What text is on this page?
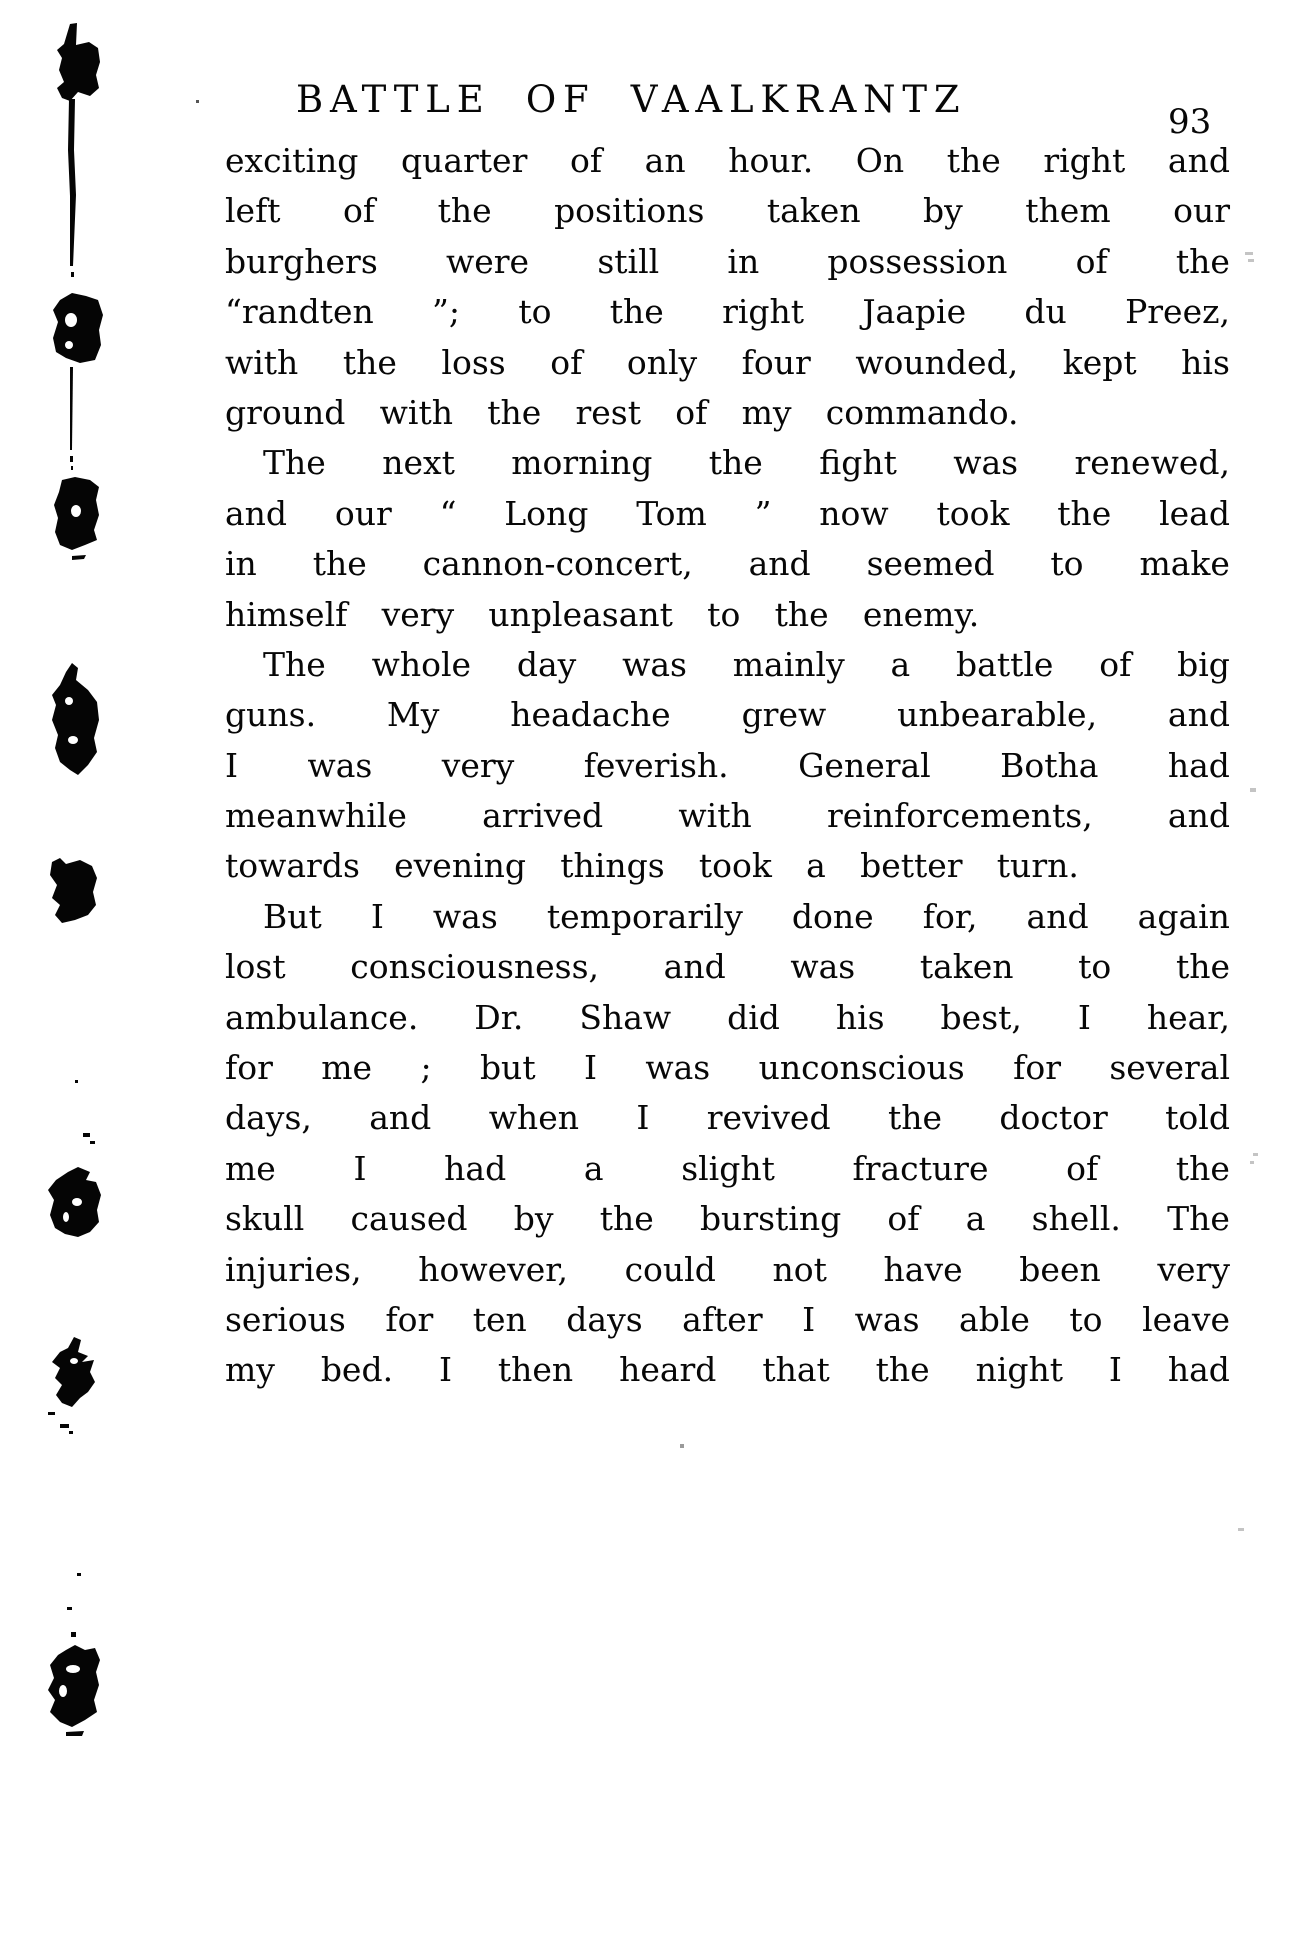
BATTLE OF VAALKRANTZ
93
exciting quarter of an hour. On the right and
left of the positions taken by them our
burghers were still in possession of the
“randten ”; to the right Jaapie du Preez,
with the loss of only four wounded, kept his
ground with the rest of my commando.
The next morning the fight was renewed,
and our “ Long Tom ” now took the lead
in the cannon-concert, and seemed to make
himself very unpleasant to the enemy.
The whole day was mainly a battle of big
guns. My headache grew unbearable, and
I was very feverish. General Botha had
meanwhile arrived with reinforcements, and
towards evening things took a better turn.
But I was temporarily done for, and again
lost consciousness, and was taken to the
ambulance. Dr. Shaw did his best, I hear,
for me ; but I was unconscious for several
days, and when I revived the doctor told
me I had a slight fracture of the
skull caused by the bursting of a shell. The
injuries, however, could not have been very
serious for ten days after I was able to leave
my bed. I then heard that the night I had
